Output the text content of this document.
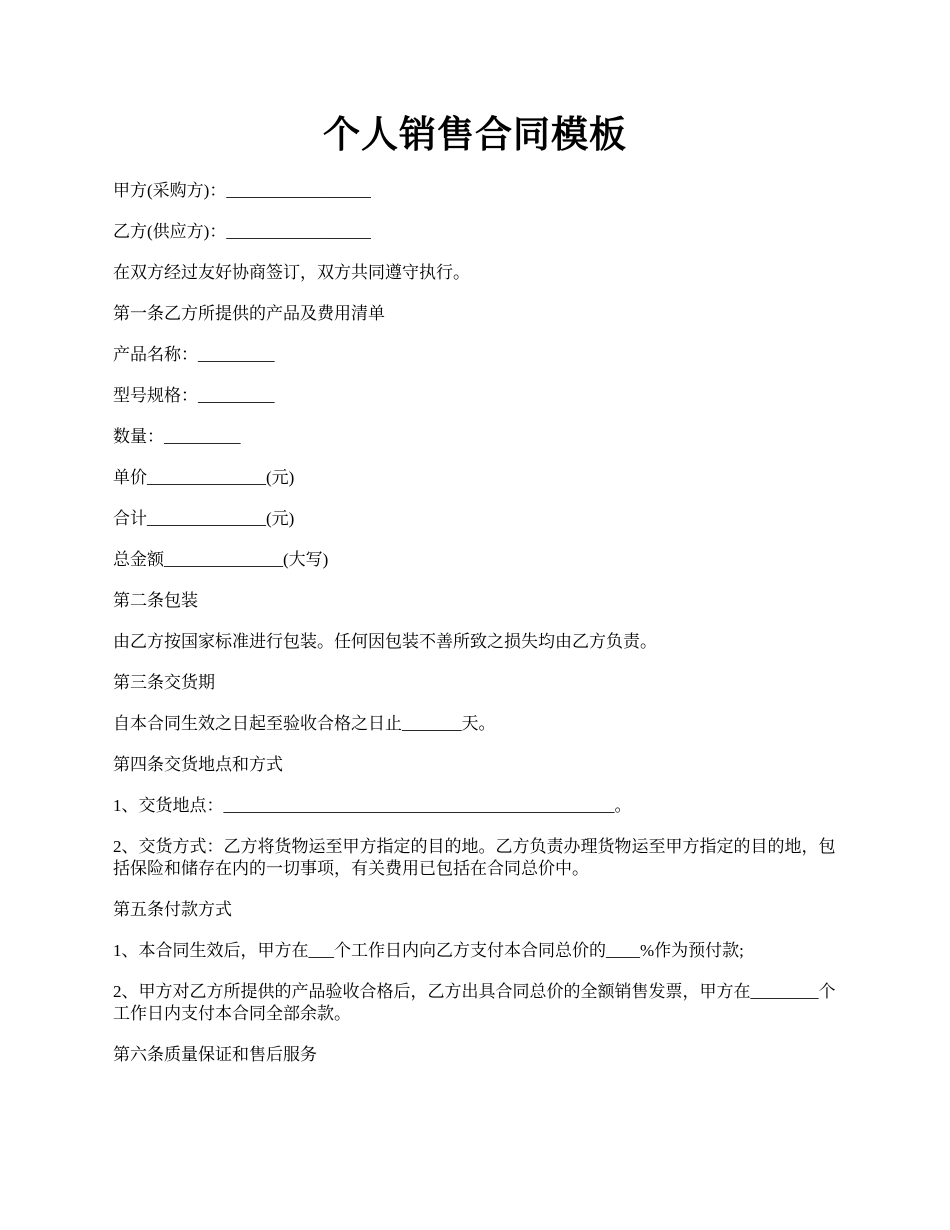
个人销售合同模板

甲方(采购方)：_________________

乙方(供应方)：_________________

在双方经过友好协商签订，双方共同遵守执行。

第一条乙方所提供的产品及费用清单

产品名称：_________

型号规格：_________

数量：_________

单价______________(元)

合计______________(元)

总金额______________(大写)

第二条包装

由乙方按国家标准进行包装。任何因包装不善所致之损失均由乙方负责。

第三条交货期

自本合同生效之日起至验收合格之日止_______天。

第四条交货地点和方式

1、交货地点：______________________________________________。

2、交货方式：乙方将货物运至甲方指定的目的地。乙方负责办理货物运至甲方指定的目的地，包括保险和储存在内的一切事项，有关费用已包括在合同总价中。

第五条付款方式

1、本合同生效后，甲方在___个工作日内向乙方支付本合同总价的____%作为预付款;

2、甲方对乙方所提供的产品验收合格后，乙方出具合同总价的全额销售发票，甲方在________个工作日内支付本合同全部余款。

第六条质量保证和售后服务
